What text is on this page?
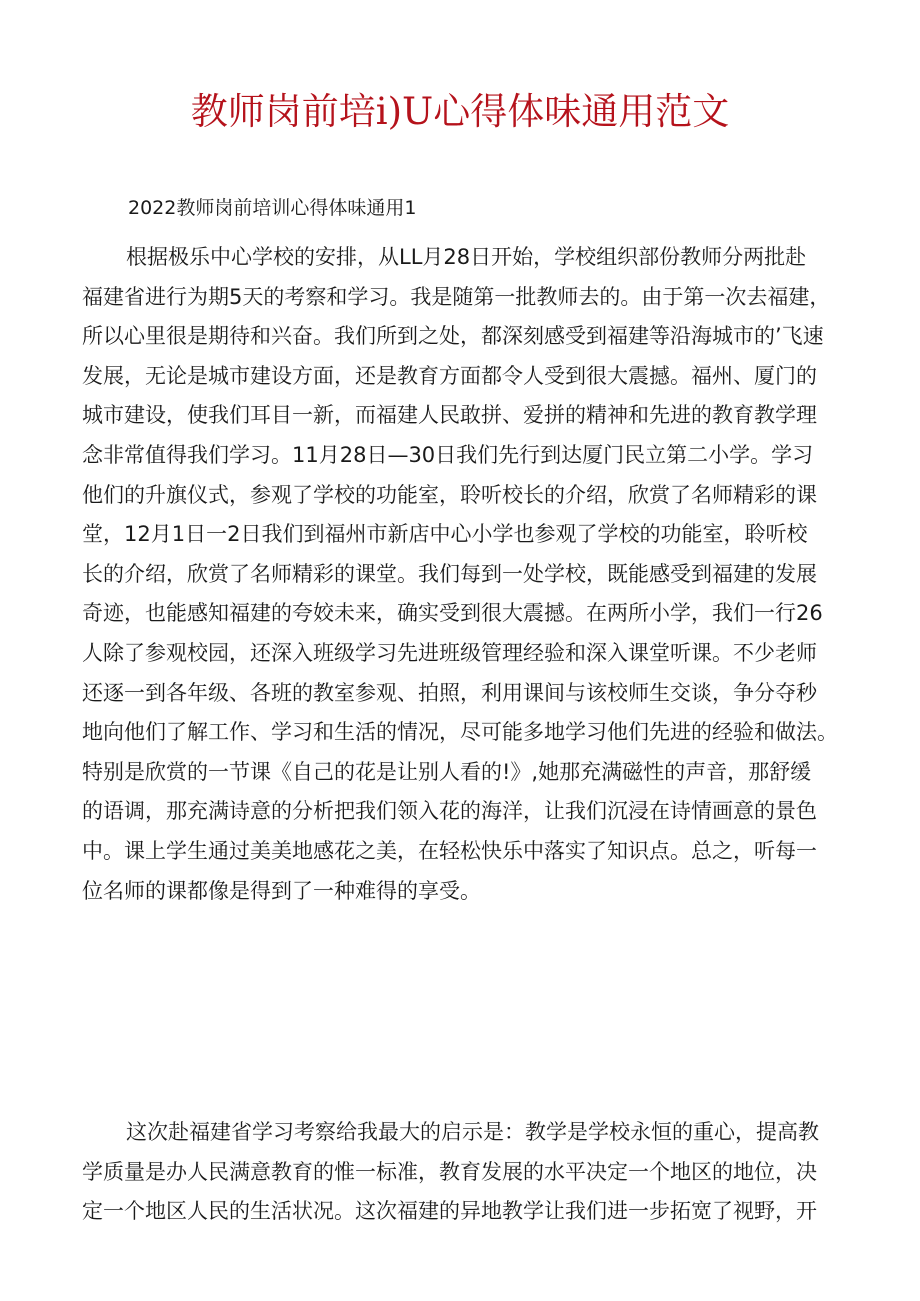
教师岗前培i)U心得体味通用范文
2022教师岗前培训心得体味通用1
根据极乐中心学校的安排，从LL月28日开始，学校组织部份教师分两批赴
福建省进行为期5天的考察和学习。我是随第一批教师去的。由于第一次去福建，
所以心里很是期待和兴奋。我们所到之处，都深刻感受到福建等沿海城市的’飞速
发展，无论是城市建设方面，还是教育方面都令人受到很大震撼。福州、厦门的
城市建设，使我们耳目一新，而福建人民敢拼、爱拼的精神和先进的教育教学理
念非常值得我们学习。11月28日—30日我们先行到达厦门民立第二小学。学习
他们的升旗仪式，参观了学校的功能室，聆听校长的介绍，欣赏了名师精彩的课
堂，12月1日一2日我们到福州市新店中心小学也参观了学校的功能室，聆听校
长的介绍，欣赏了名师精彩的课堂。我们每到一处学校，既能感受到福建的发展
奇迹，也能感知福建的夸姣未来，确实受到很大震撼。在两所小学，我们一行26
人除了参观校园，还深入班级学习先进班级管理经验和深入课堂听课。不少老师
还逐一到各年级、各班的教室参观、拍照，利用课间与该校师生交谈，争分夺秒
地向他们了解工作、学习和生活的情况，尽可能多地学习他们先进的经验和做法。
特别是欣赏的一节课《自己的花是让别人看的!》,她那充满磁性的声音，那舒缓
的语调，那充满诗意的分析把我们领入花的海洋，让我们沉浸在诗情画意的景色
中。课上学生通过美美地感花之美，在轻松快乐中落实了知识点。总之，听每一
位名师的课都像是得到了一种难得的享受。
这次赴福建省学习考察给我最大的启示是：教学是学校永恒的重心，提高教
学质量是办人民满意教育的惟一标准，教育发展的水平决定一个地区的地位，决
定一个地区人民的生活状况。这次福建的异地教学让我们进一步拓宽了视野，开
